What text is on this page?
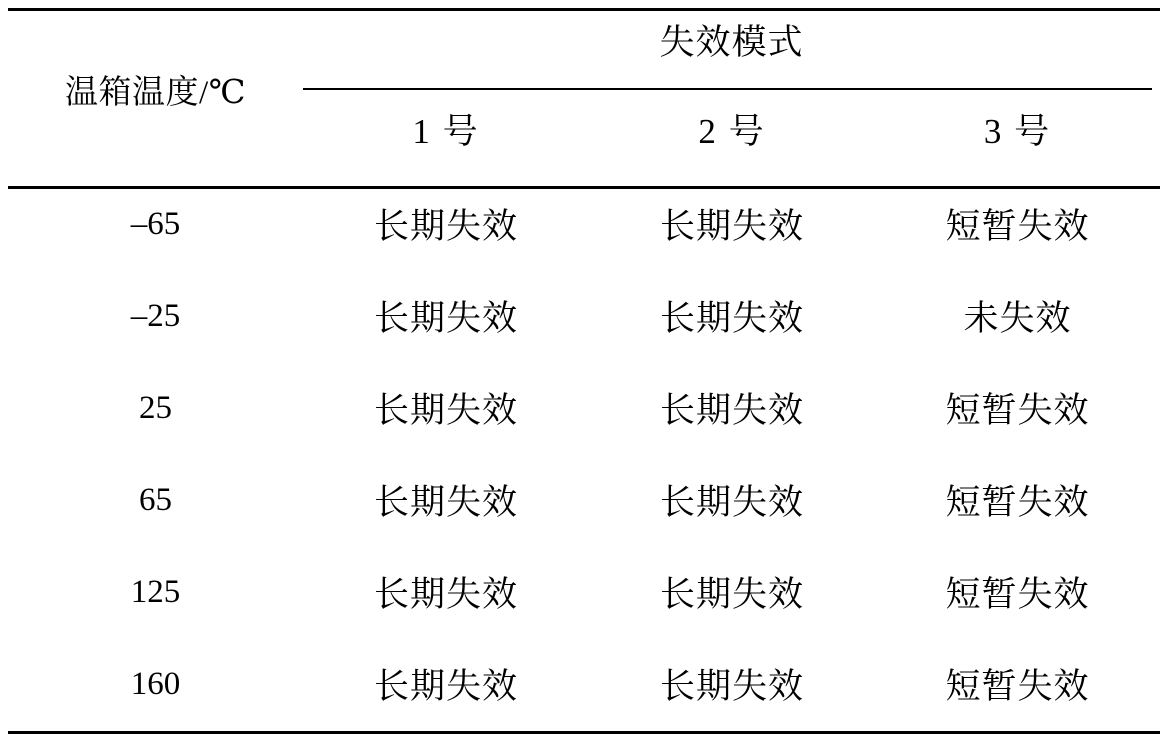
温箱温度/℃	失效模式		
	1 号	2 号	3 号
–65	长期失效	长期失效	短暂失效
–25	长期失效	长期失效	未失效
25	长期失效	长期失效	短暂失效
65	长期失效	长期失效	短暂失效
125	长期失效	长期失效	短暂失效
160	长期失效	长期失效	短暂失效
